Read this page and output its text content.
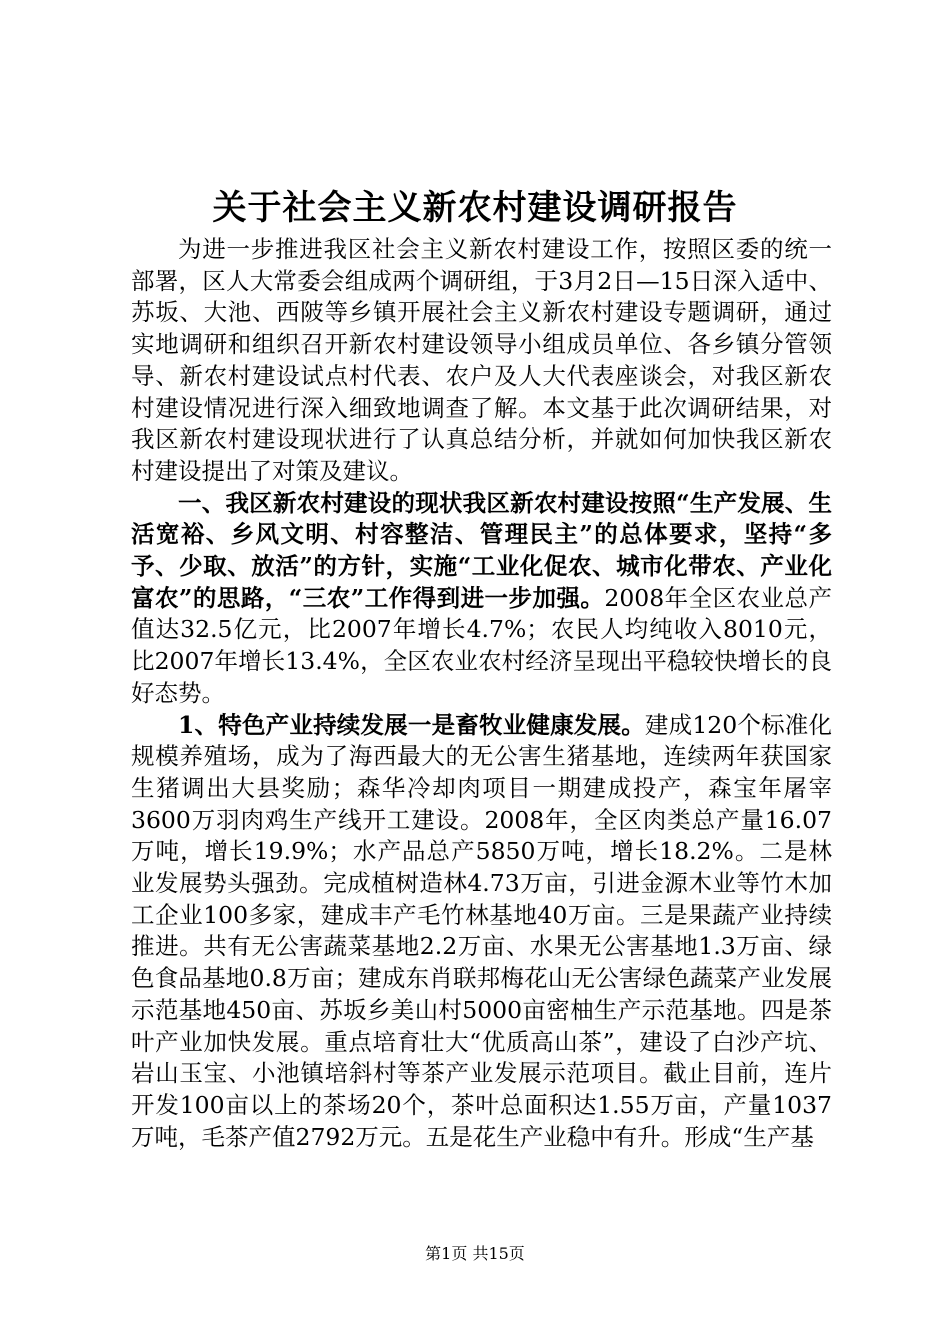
关于社会主义新农村建设调研报告

为进一步推进我区社会主义新农村建设工作，按照区委的统一部署，区人大常委会组成两个调研组，于3月2日—15日深入适中、苏坂、大池、西陂等乡镇开展社会主义新农村建设专题调研，通过实地调研和组织召开新农村建设领导小组成员单位、各乡镇分管领导、新农村建设试点村代表、农户及人大代表座谈会，对我区新农村建设情况进行深入细致地调查了解。本文基于此次调研结果，对我区新农村建设现状进行了认真总结分析，并就如何加快我区新农村建设提出了对策及建议。

一、我区新农村建设的现状我区新农村建设按照“生产发展、生活宽裕、乡风文明、村容整洁、管理民主”的总体要求，坚持“多予、少取、放活”的方针，实施“工业化促农、城市化带农、产业化富农”的思路，“三农”工作得到进一步加强。2008年全区农业总产值达32.5亿元，比2007年增长4.7%；农民人均纯收入8010元，比2007年增长13.4%，全区农业农村经济呈现出平稳较快增长的良好态势。

1、特色产业持续发展一是畜牧业健康发展。建成120个标准化规模养殖场，成为了海西最大的无公害生猪基地，连续两年获国家生猪调出大县奖励；森华冷却肉项目一期建成投产，森宝年屠宰3600万羽肉鸡生产线开工建设。2008年，全区肉类总产量16.07万吨，增长19.9%；水产品总产5850万吨，增长18.2%。二是林业发展势头强劲。完成植树造林4.73万亩，引进金源木业等竹木加工企业100多家，建成丰产毛竹林基地40万亩。三是果蔬产业持续推进。共有无公害蔬菜基地2.2万亩、水果无公害基地1.3万亩、绿色食品基地0.8万亩；建成东肖联邦梅花山无公害绿色蔬菜产业发展示范基地450亩、苏坂乡美山村5000亩密柚生产示范基地。四是茶叶产业加快发展。重点培育壮大“优质高山茶”，建设了白沙产坑、岩山玉宝、小池镇培斜村等茶产业发展示范项目。截止目前，连片开发100亩以上的茶场20个，茶叶总面积达1.55万亩，产量1037万吨，毛茶产值2792万元。五是花生产业稳中有升。形成“生产基

第1页 共15页
